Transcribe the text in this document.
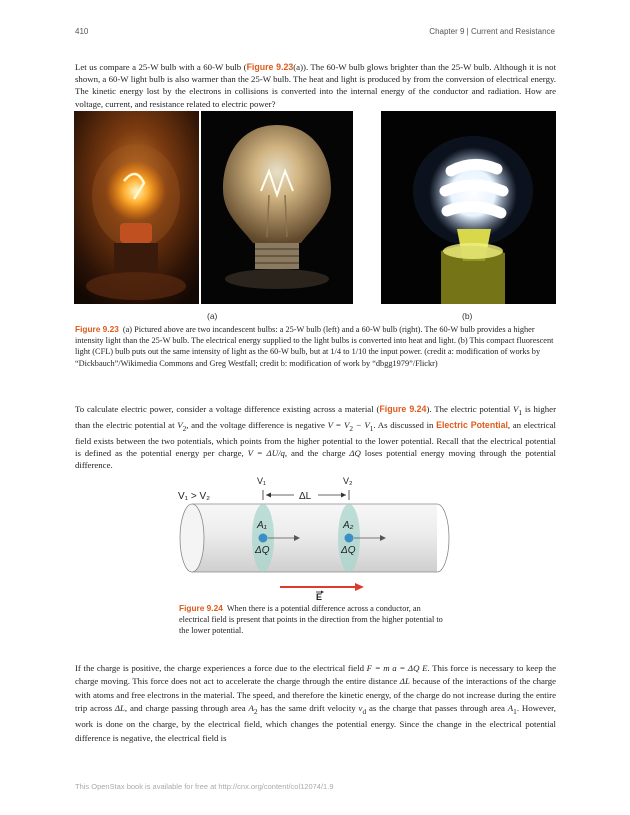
410	Chapter 9 | Current and Resistance

Let us compare a 25-W bulb with a 60-W bulb (Figure 9.23(a)). The 60-W bulb glows brighter than the 25-W bulb. Although it is not shown, a 60-W light bulb is also warmer than the 25-W bulb. The heat and light is produced by from the conversion of electrical energy. The kinetic energy lost by the electrons in collisions is converted into the internal energy of the conductor and radiation. How are voltage, current, and resistance related to electric power?

(a)	(b)

Figure 9.23 (a) Pictured above are two incandescent bulbs: a 25-W bulb (left) and a 60-W bulb (right). The 60-W bulb provides a higher intensity light than the 25-W bulb. The electrical energy supplied to the light bulbs is converted into heat and light. (b) This compact fluorescent light (CFL) bulb puts out the same intensity of light as the 60-W bulb, but at 1/4 to 1/10 the input power. (credit a: modification of works by “Dickbauch”/Wikimedia Commons and Greg Westfall; credit b: modification of work by “dbgg1979”/Flickr)

To calculate electric power, consider a voltage difference existing across a material (Figure 9.24). The electric potential $V_1$ is higher than the electric potential at $V_2$, and the voltage difference is negative $V = V_2 - V_1$. As discussed in Electric Potential, an electrical field exists between the two potentials, which points from the higher potential to the lower potential. Recall that the electrical potential is defined as the potential energy per charge, V = ΔU/q, and the charge ΔQ loses potential energy moving through the potential difference.

V₁ > V₂
V₁	V₂
ΔL
A₁	A₂
ΔQ	ΔQ
E

Figure 9.24 When there is a potential difference across a conductor, an electrical field is present that points in the direction from the higher potential to the lower potential.

If the charge is positive, the charge experiences a force due to the electrical field F = m a = ΔQ E. This force is necessary to keep the charge moving. This force does not act to accelerate the charge through the entire distance ΔL because of the interactions of the charge with atoms and free electrons in the material. The speed, and therefore the kinetic energy, of the charge do not increase during the entire trip across ΔL, and charge passing through area $A_2$ has the same drift velocity $v_d$ as the charge that passes through area $A_1$. However, work is done on the charge, by the electrical field, which changes the potential energy. Since the change in the electrical potential difference is negative, the electrical field is

This OpenStax book is available for free at http://cnx.org/content/col12074/1.9
